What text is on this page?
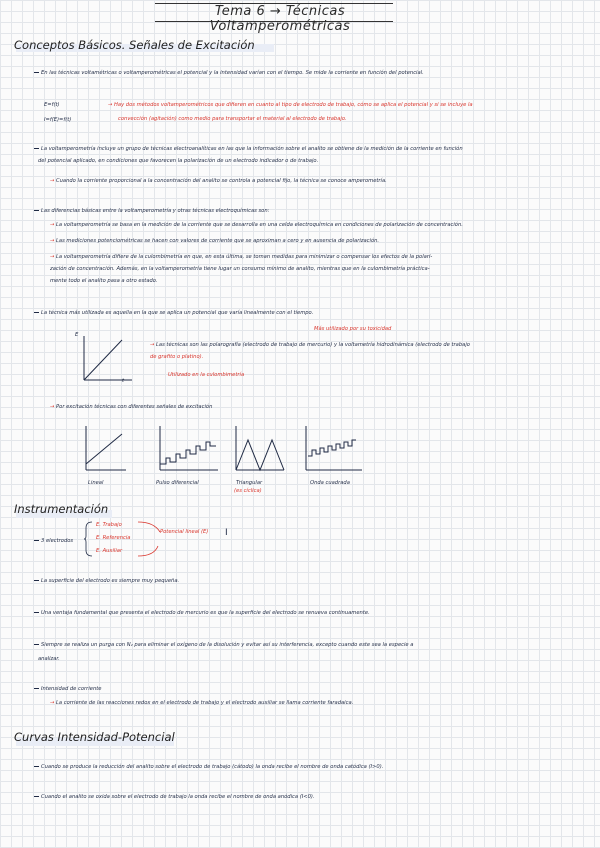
Tema 6 → Técnicas Voltamperométricas
Conceptos Básicos. Señales de Excitación
En las técnicas voltamétricas o voltamperométricas el potencial y la intensidad varían con el tiempo. Se mide la corriente en función del potencial.
E=f(t)
I=f(E)=f(t)
→ Hay dos métodos voltamperométricos que difieren en cuanto al tipo de electrodo de trabajo, cómo se aplica el potencial y si se incluye la
convección (agitación) como medio para transportar el material al electrodo de trabajo.
La voltamperometría incluye un grupo de técnicas electroanalíticas en las que la información sobre el analito se obtiene de la medición de la corriente en función
del potencial aplicado, en condiciones que favorecen la polarización de un electrodo indicador o de trabajo.
→ Cuando la corriente proporcional a la concentración del analito se controla a potencial fijo, la técnica se conoce amperometría.
Las diferencias básicas entre la voltamperometría y otras técnicas electroquímicas son:
→ La voltamperometría se basa en la medición de la corriente que se desarrolla en una celda electroquímica en condiciones de polarización de concentración.
→ Las mediciones potenciométricas se hacen con valores de corriente que se aproximan a cero y en ausencia de polarización.
→ La voltamperometría difiere de la culombimetría en que, en esta última, se toman medidas para minimizar o compensar los efectos de la polari-
zación de concentración. Además, en la voltamperometría tiene lugar un consumo mínimo de analito, mientras que en la culombimetría práctica-
mente todo el analito pasa a otro estado.
La técnica más utilizada es aquella en la que se aplica un potencial que varía linealmente con el tiempo.
E
t
Más utilizado por su toxicidad
→ Las técnicas son las polarografía (electrodo de trabajo de mercurio) y la voltametría hidrodinámica (electrodo de trabajo
de grafito o platino).
Utilizado en la culombimetría
→ Por excitación técnicas con diferentes señales de excitación
Lineal	Pulso diferencial	Triangular
(es cíclica)
Onda cuadrada
Instrumentación
3 electrodos
E. Trabajo
E. Referencia
E. Auxiliar
Potencial lineal (E) I
La superficie del electrodo es siempre muy pequeña.
Una ventaja fundamental que presenta el electrodo de mercurio es que la superficie del electrodo se renueva continuamente.
Siempre se realiza un purga con N₂ para eliminar el oxígeno de la disolución y evitar así su interferencia, excepto cuando este sea la especie a
analizar.
Intensidad de corriente
→ La corriente de las reacciones redox en el electrodo de trabajo y el electrodo auxiliar se llama corriente faradaica.
Curvas Intensidad-Potencial
Cuando se produce la reducción del analito sobre el electrodo de trabajo (cátodo) la onda recibe el nombre de onda catódica (I>0).
Cuando el analito se oxida sobre el electrodo de trabajo la onda recibe el nombre de onda anódica (I<0).
